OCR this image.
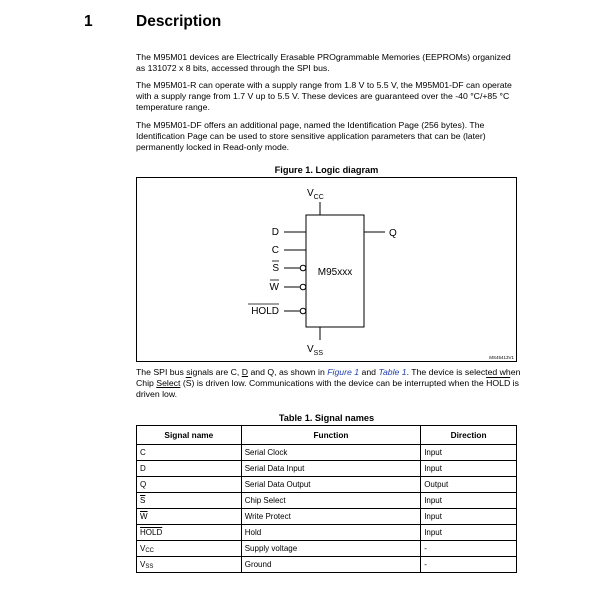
1	Description

The M95M01 devices are Electrically Erasable PROgrammable Memories (EEPROMs) organized as 131072 x 8 bits, accessed through the SPI bus.

The M95M01-R can operate with a supply range from 1.8 V to 5.5 V, the M95M01-DF can operate with a supply range from 1.7 V up to 5.5 V. These devices are guaranteed over the -40 °C/+85 °C temperature range.

The M95M01-DF offers an additional page, named the Identification Page (256 bytes). The Identification Page can be used to store sensitive application parameters that can be (later) permanently locked in Read-only mode.

Figure 1. Logic diagram
M95xxx
$V_{CC}$
$V_{SS}$
D
C
S
W
HOLD
Q
MS45413V1

The SPI bus signals are C, D and Q, as shown in Figure 1 and Table 1. The device is selected when Chip Select $(\overline{S})$ is driven low. Communications with the device can be interrupted when the HOLD is driven low.

Table 1. Signal names
Signal name	Function	Direction
C	Serial Clock	Input
D	Serial Data Input	Input
Q	Serial Data Output	Output
$\overline{S}$	Chip Select	Input
$\overline{W}$	Write Protect	Input
HOLD	Hold	Input
$V_{CC}$	Supply voltage	-
$V_{SS}$	Ground	-
